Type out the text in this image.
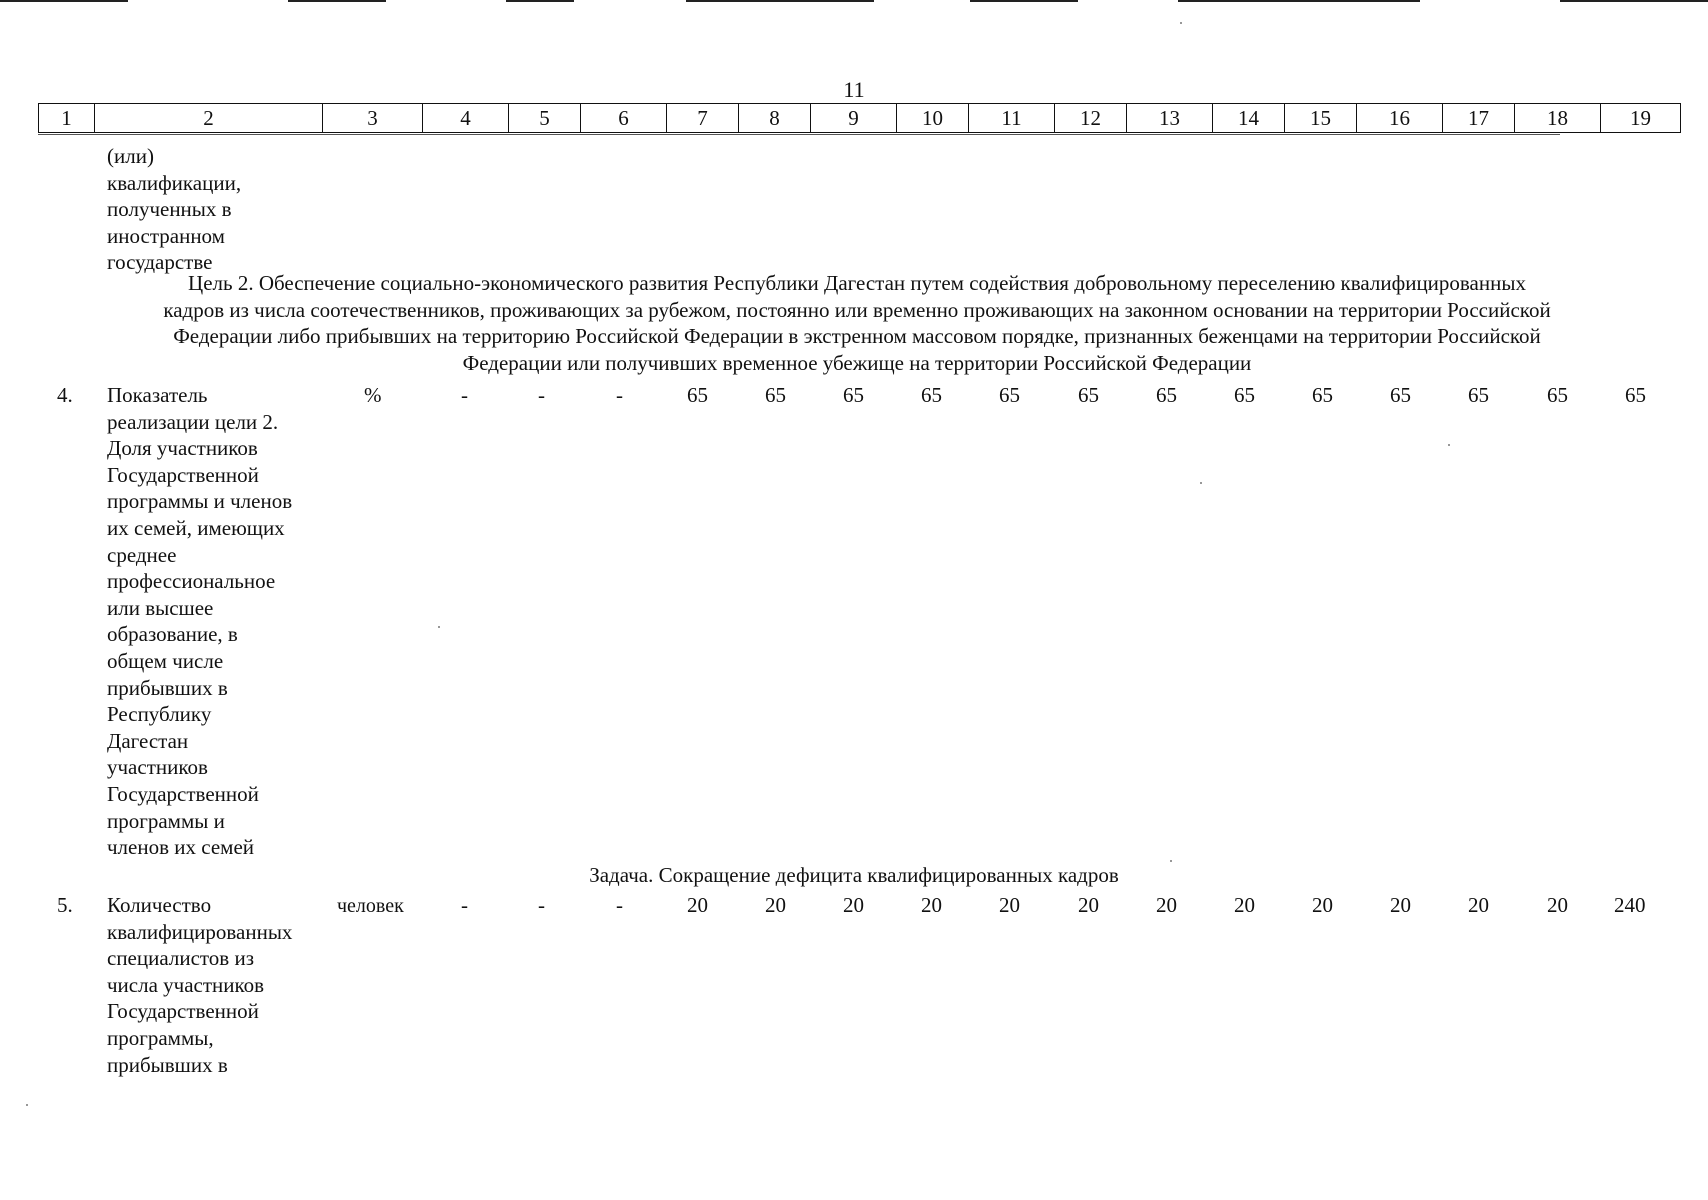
11
1	2	3	4	5	6	7	8	9	10	11	12	13	14	15	16	17	18	19
(или)
квалификации,
полученных в
иностранном
государстве
Цель 2. Обеспечение социально-экономического развития Республики Дагестан путем содействия добровольному переселению квалифицированных
кадров из числа соотечественников, проживающих за рубежом, постоянно или временно проживающих на законном основании на территории Российской
Федерации либо прибывших на территорию Российской Федерации в экстренном массовом порядке, признанных беженцами на территории Российской
Федерации или получивших временное убежище на территории Российской Федерации
4. Показатель
реализации цели 2.
Доля участников
Государственной
программы и членов
их семей, имеющих
среднее
профессиональное
или высшее
образование, в
общем числе
прибывших в
Республику
Дагестан
участников
Государственной
программы и
членов их семей
%	-	-	-	65	65	65	65	65	65	65	65	65	65	65	65	65
Задача. Сокращение дефицита квалифицированных кадров
5. Количество
квалифицированных
специалистов из
числа участников
Государственной
программы,
прибывших в
человек	-	-	-	20	20	20	20	20	20	20	20	20	20	20	20 240
